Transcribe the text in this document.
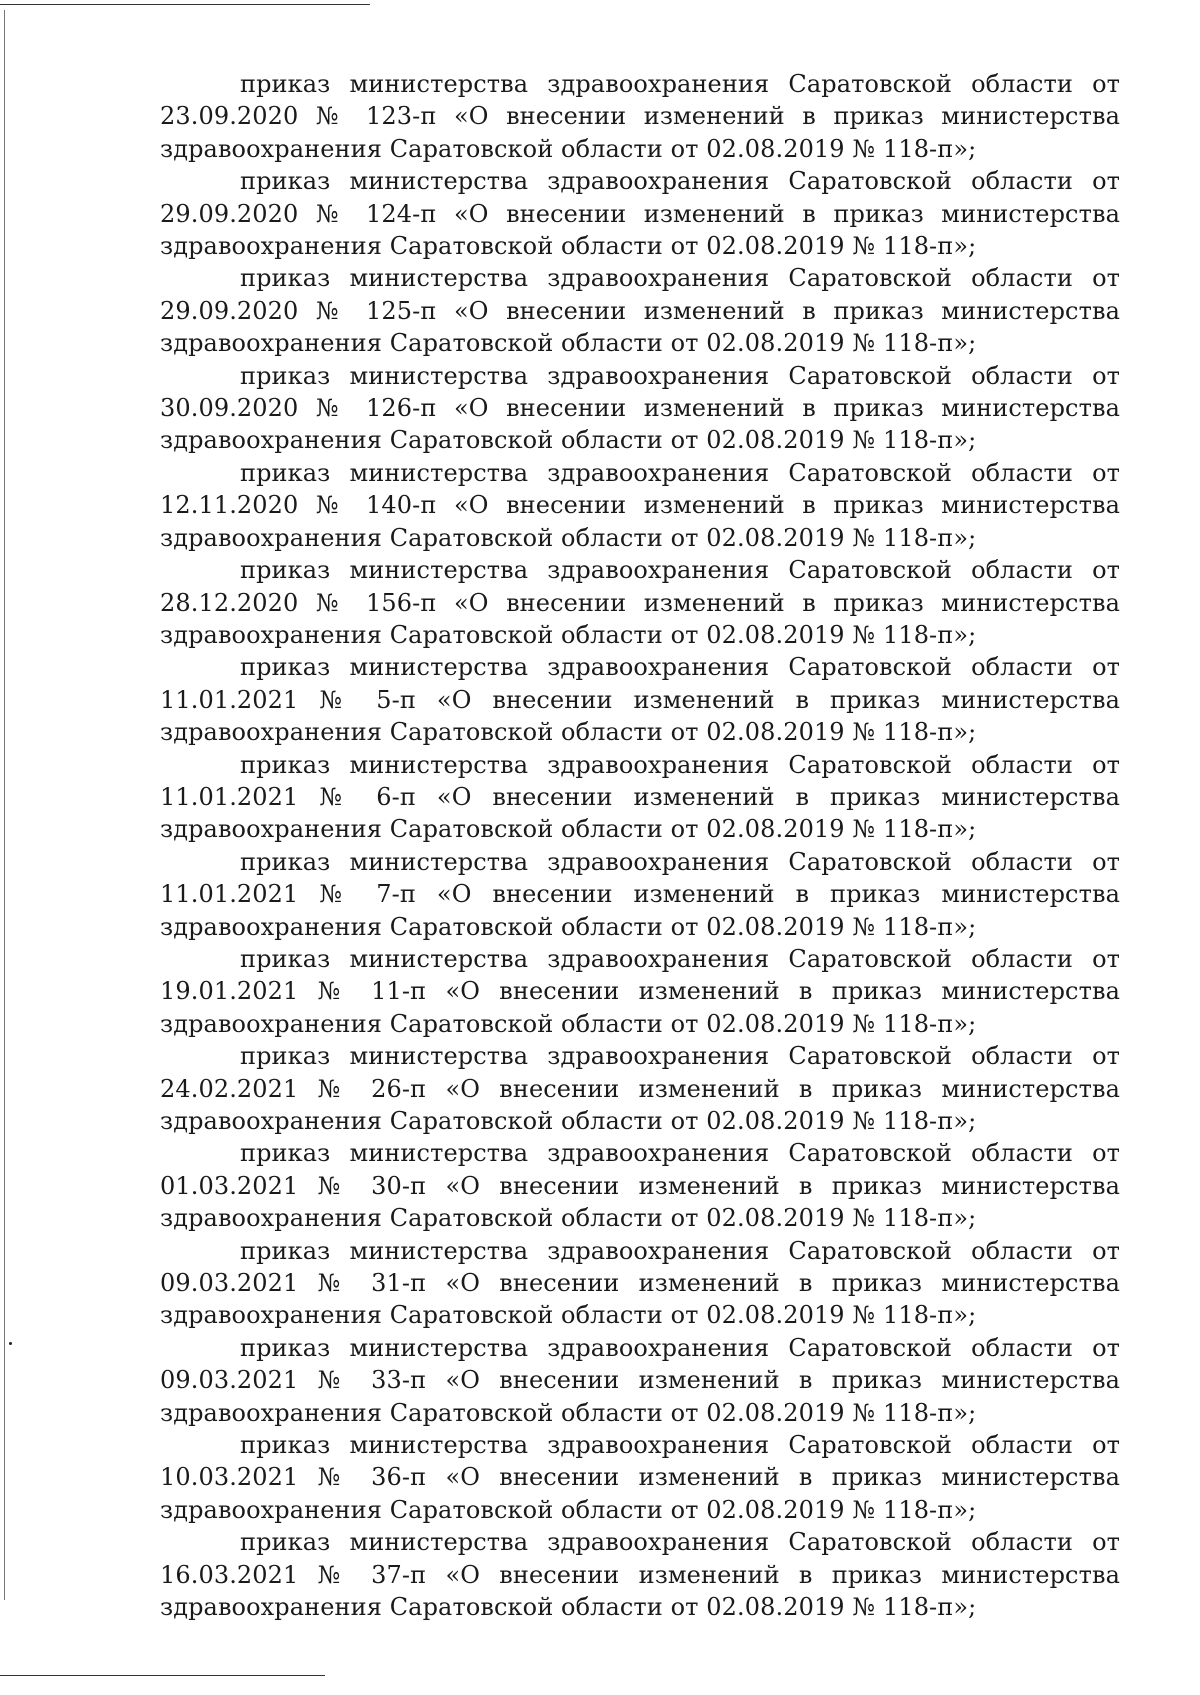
приказ министерства здравоохранения Саратовской области от 23.09.2020 № 123-п «О внесении изменений в приказ министерства здравоохранения Саратовской области от 02.08.2019 № 118-п»;

приказ министерства здравоохранения Саратовской области от 29.09.2020 № 124-п «О внесении изменений в приказ министерства здравоохранения Саратовской области от 02.08.2019 № 118-п»;

приказ министерства здравоохранения Саратовской области от 29.09.2020 № 125-п «О внесении изменений в приказ министерства здравоохранения Саратовской области от 02.08.2019 № 118-п»;

приказ министерства здравоохранения Саратовской области от 30.09.2020 № 126-п «О внесении изменений в приказ министерства здравоохранения Саратовской области от 02.08.2019 № 118-п»;

приказ министерства здравоохранения Саратовской области от 12.11.2020 № 140-п «О внесении изменений в приказ министерства здравоохранения Саратовской области от 02.08.2019 № 118-п»;

приказ министерства здравоохранения Саратовской области от 28.12.2020 № 156-п «О внесении изменений в приказ министерства здравоохранения Саратовской области от 02.08.2019 № 118-п»;

приказ министерства здравоохранения Саратовской области от 11.01.2021 № 5-п «О внесении изменений в приказ министерства здравоохранения Саратовской области от 02.08.2019 № 118-п»;

приказ министерства здравоохранения Саратовской области от 11.01.2021 № 6-п «О внесении изменений в приказ министерства здравоохранения Саратовской области от 02.08.2019 № 118-п»;

приказ министерства здравоохранения Саратовской области от 11.01.2021 № 7-п «О внесении изменений в приказ министерства здравоохранения Саратовской области от 02.08.2019 № 118-п»;

приказ министерства здравоохранения Саратовской области от 19.01.2021 № 11-п «О внесении изменений в приказ министерства здравоохранения Саратовской области от 02.08.2019 № 118-п»;

приказ министерства здравоохранения Саратовской области от 24.02.2021 № 26-п «О внесении изменений в приказ министерства здравоохранения Саратовской области от 02.08.2019 № 118-п»;

приказ министерства здравоохранения Саратовской области от 01.03.2021 № 30-п «О внесении изменений в приказ министерства здравоохранения Саратовской области от 02.08.2019 № 118-п»;

приказ министерства здравоохранения Саратовской области от 09.03.2021 № 31-п «О внесении изменений в приказ министерства здравоохранения Саратовской области от 02.08.2019 № 118-п»;

приказ министерства здравоохранения Саратовской области от 09.03.2021 № 33-п «О внесении изменений в приказ министерства здравоохранения Саратовской области от 02.08.2019 № 118-п»;

приказ министерства здравоохранения Саратовской области от 10.03.2021 № 36-п «О внесении изменений в приказ министерства здравоохранения Саратовской области от 02.08.2019 № 118-п»;

приказ министерства здравоохранения Саратовской области от 16.03.2021 № 37-п «О внесении изменений в приказ министерства здравоохранения Саратовской области от 02.08.2019 № 118-п»;
